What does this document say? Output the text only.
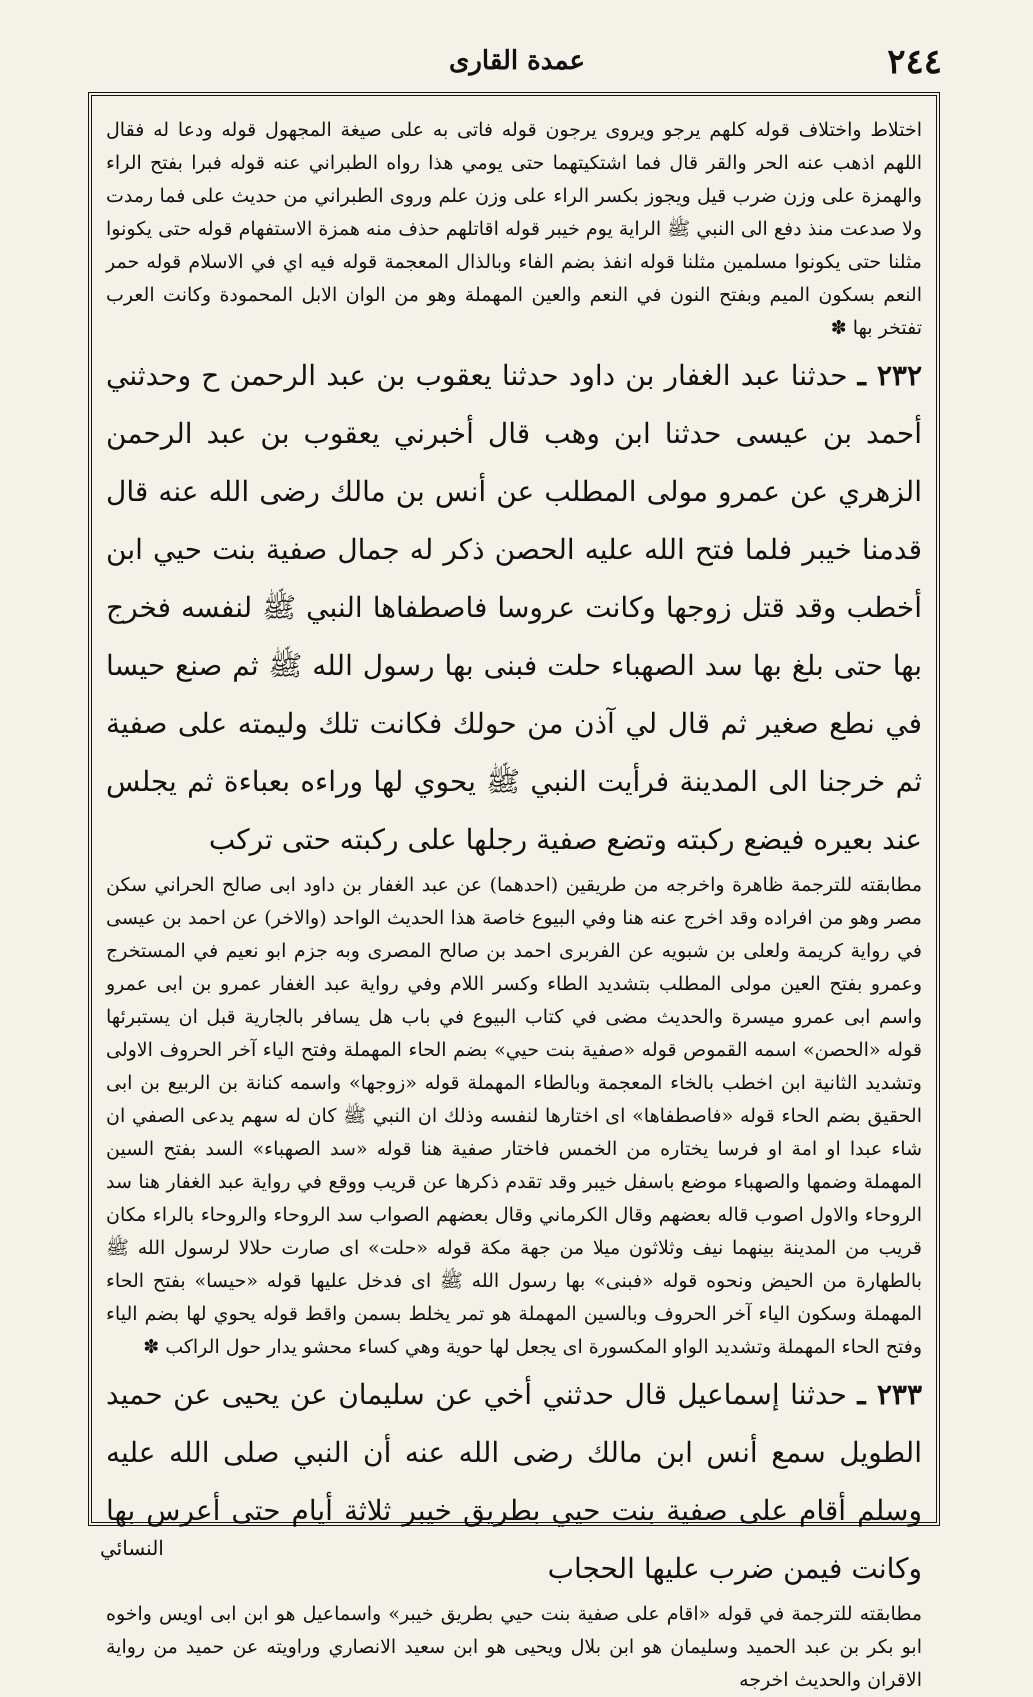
٢٤٤
عمدة القارى

اختلاط واختلاف قوله كلهم يرجو ويروى يرجون قوله فاتى به على صيغة المجهول قوله ودعا له فقال اللهم اذهب عنه الحر والقر قال فما اشتكيتهما حتى يومي هذا رواه الطبراني عنه قوله فبرا بفتح الراء والهمزة على وزن ضرب قيل ويجوز بكسر الراء على وزن علم وروى الطبراني من حديث على فما رمدت ولا صدعت منذ دفع الى النبي ﷺ الراية يوم خيبر قوله اقاتلهم حذف منه همزة الاستفهام قوله حتى يكونوا مثلنا حتى يكونوا مسلمين مثلنا قوله انفذ بضم الفاء وبالذال المعجمة قوله فيه اي في الاسلام قوله حمر النعم بسكون الميم وبفتح النون في النعم والعين المهملة وهو من الوان الابل المحمودة وكانت العرب تفتخر بها ✽

٢٣٢ ـ حدثنا عبد الغفار بن داود حدثنا يعقوب بن عبد الرحمن ح وحدثني أحمد بن عيسى حدثنا ابن وهب قال أخبرني يعقوب بن عبد الرحمن الزهري عن عمرو مولى المطلب عن أنس بن مالك رضى الله عنه قال قدمنا خيبر فلما فتح الله عليه الحصن ذكر له جمال صفية بنت حيي ابن أخطب وقد قتل زوجها وكانت عروسا فاصطفاها النبي ﷺ لنفسه فخرج بها حتى بلغ بها سد الصهباء حلت فبنى بها رسول الله ﷺ ثم صنع حيسا في نطع صغير ثم قال لي آذن من حولك فكانت تلك وليمته على صفية ثم خرجنا الى المدينة فرأيت النبي ﷺ يحوي لها وراءه بعباءة ثم يجلس عند بعيره فيضع ركبته وتضع صفية رجلها على ركبته حتى تركب

مطابقته للترجمة ظاهرة واخرجه من طريقين (احدهما) عن عبد الغفار بن داود ابى صالح الحراني سكن مصر وهو من افراده وقد اخرج عنه هنا وفي البيوع خاصة هذا الحديث الواحد (والاخر) عن احمد بن عيسى في رواية كريمة ولعلى بن شبويه عن الفربرى احمد بن صالح المصرى وبه جزم ابو نعيم في المستخرج وعمرو بفتح العين مولى المطلب بتشديد الطاء وكسر اللام وفي رواية عبد الغفار عمرو بن ابى عمرو واسم ابى عمرو ميسرة والحديث مضى في كتاب البيوع في باب هل يسافر بالجارية قبل ان يستبرئها قوله «الحصن» اسمه القموص قوله «صفية بنت حيي» بضم الحاء المهملة وفتح الياء آخر الحروف الاولى وتشديد الثانية ابن اخطب بالخاء المعجمة وبالطاء المهملة قوله «زوجها» واسمه كنانة بن الربيع بن ابى الحقيق بضم الحاء قوله «فاصطفاها» اى اختارها لنفسه وذلك ان النبي ﷺ كان له سهم يدعى الصفي ان شاء عبدا او امة او فرسا يختاره من الخمس فاختار صفية هنا قوله «سد الصهباء» السد بفتح السين المهملة وضمها والصهباء موضع باسفل خيبر وقد تقدم ذكرها عن قريب ووقع في رواية عبد الغفار هنا سد الروحاء والاول اصوب قاله بعضهم وقال الكرماني وقال بعضهم الصواب سد الروحاء والروحاء بالراء مكان قريب من المدينة بينهما نيف وثلاثون ميلا من جهة مكة قوله «حلت» اى صارت حلالا لرسول الله ﷺ بالطهارة من الحيض ونحوه قوله «فبنى» بها رسول الله ﷺ اى فدخل عليها قوله «حيسا» بفتح الحاء المهملة وسكون الياء آخر الحروف وبالسين المهملة هو تمر يخلط بسمن واقط قوله يحوي لها بضم الياء وفتح الحاء المهملة وتشديد الواو المكسورة اى يجعل لها حوية وهي كساء محشو يدار حول الراكب ✽

٢٣٣ ـ حدثنا إسماعيل قال حدثني أخي عن سليمان عن يحيى عن حميد الطويل سمع أنس ابن مالك رضى الله عنه أن النبي صلى الله عليه وسلم أقام على صفية بنت حيي بطريق خيبر ثلاثة أيام حتى أعرس بها وكانت فيمن ضرب عليها الحجاب

مطابقته للترجمة في قوله «اقام على صفية بنت حيي بطريق خيبر» واسماعيل هو ابن ابى اويس واخوه ابو بكر بن عبد الحميد وسليمان هو ابن بلال ويحيى هو ابن سعيد الانصاري وراويته عن حميد من رواية الاقران والحديث اخرجه

النسائي
